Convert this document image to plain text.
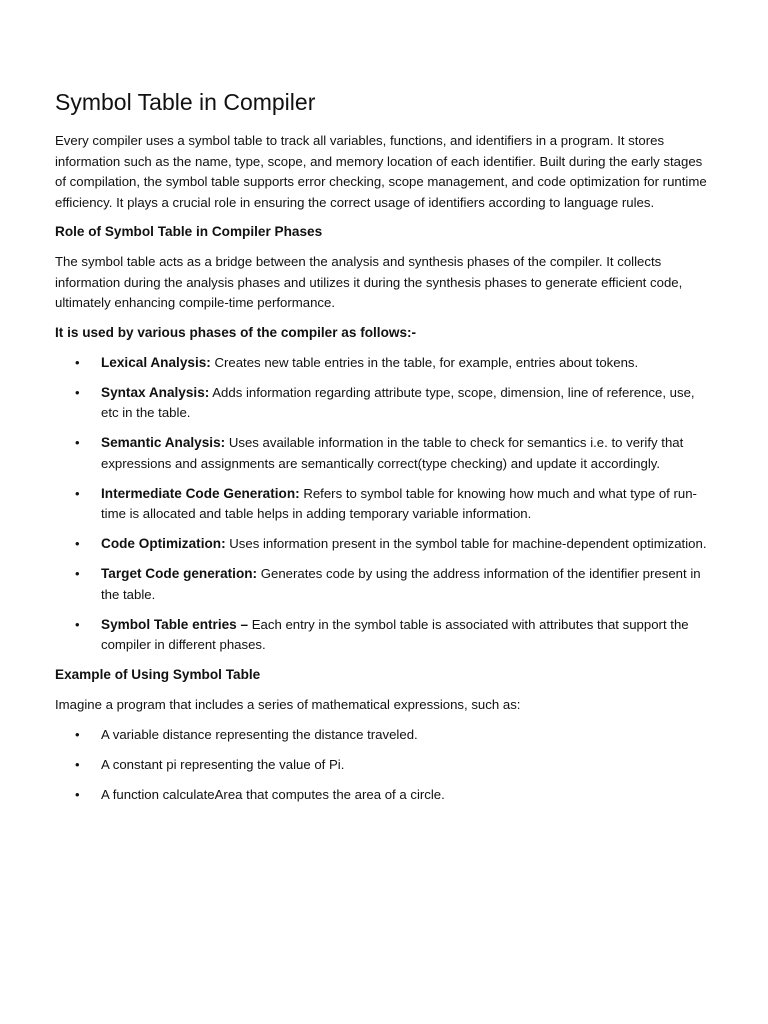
Symbol Table in Compiler

Every compiler uses a symbol table to track all variables, functions, and identifiers in a program. It stores information such as the name, type, scope, and memory location of each identifier. Built during the early stages of compilation, the symbol table supports error checking, scope management, and code optimization for runtime efficiency. It plays a crucial role in ensuring the correct usage of identifiers according to language rules.

Role of Symbol Table in Compiler Phases

The symbol table acts as a bridge between the analysis and synthesis phases of the compiler. It collects information during the analysis phases and utilizes it during the synthesis phases to generate efficient code, ultimately enhancing compile-time performance.

It is used by various phases of the compiler as follows:-
• Lexical Analysis: Creates new table entries in the table, for example, entries about tokens.
• Syntax Analysis: Adds information regarding attribute type, scope, dimension, line of reference, use, etc in the table.
• Semantic Analysis: Uses available information in the table to check for semantics i.e. to verify that expressions and assignments are semantically correct(type checking) and update it accordingly.
• Intermediate Code Generation: Refers to symbol table for knowing how much and what type of run-time is allocated and table helps in adding temporary variable information.
• Code Optimization: Uses information present in the symbol table for machine-dependent optimization.
• Target Code generation: Generates code by using the address information of the identifier present in the table.
• Symbol Table entries – Each entry in the symbol table is associated with attributes that support the compiler in different phases.
Example of Using Symbol Table

Imagine a program that includes a series of mathematical expressions, such as:

• A variable distance representing the distance traveled.
• A constant pi representing the value of Pi.
• A function calculateArea that computes the area of a circle.
